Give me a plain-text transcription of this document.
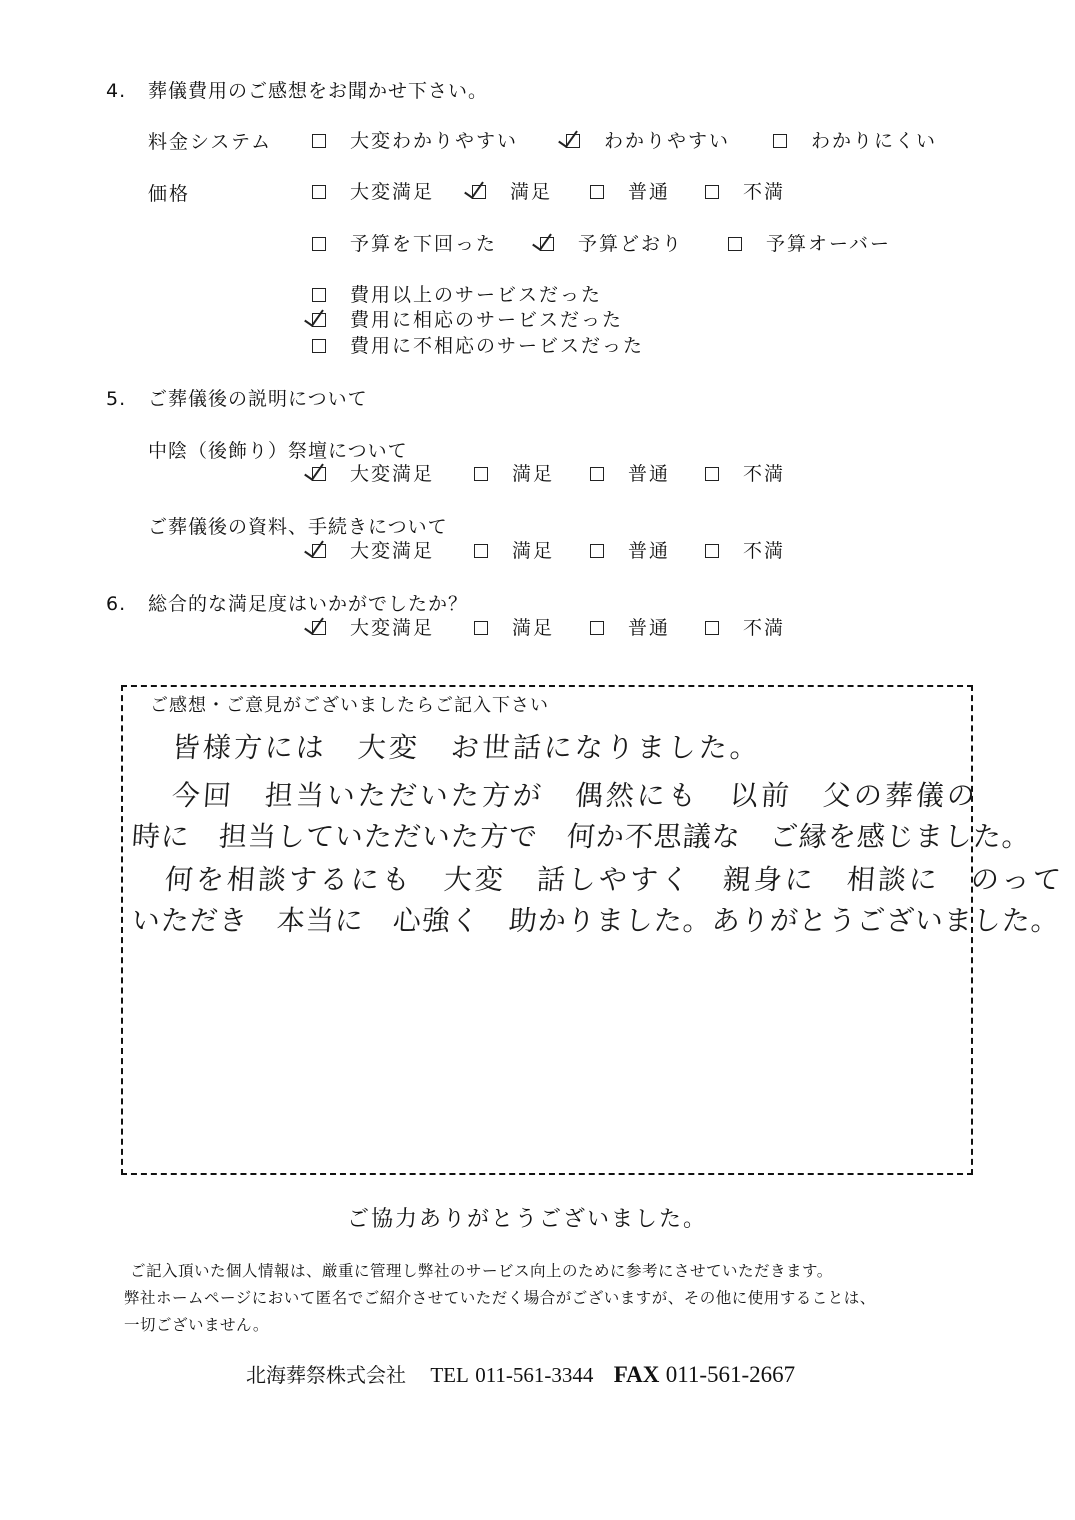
4. 葬儀費用のご感想をお聞かせ下さい。
料金システム	大変わかりやすい	わかりやすい	わかりにくい
価格	大変満足	満足	普通	不満
予算を下回った	予算どおり	予算オーバー
費用以上のサービスだった
費用に相応のサービスだった
費用に不相応のサービスだった
5. ご葬儀後の説明について
中陰（後飾り）祭壇について
大変満足	満足	普通	不満
ご葬儀後の資料、手続きについて
大変満足	満足	普通	不満
6. 総合的な満足度はいかがでしたか？
大変満足	満足	普通	不満
ご感想・ご意見がございましたらご記入下さい
皆様方には　大変　お世話になりました。
今回　担当いただいた方が　偶然にも　以前　父の葬儀の
時に　担当していただいた方で　何か不思議な　ご縁を感じました。
何を相談するにも　大変　話しやすく　親身に　相談に　のって
いただき　本当に　心強く　助かりました。ありがとうございました。
ご協力ありがとうございました。
ご記入頂いた個人情報は、厳重に管理し弊社のサービス向上のために参考にさせていただきます。
弊社ホームページにおいて匿名でご紹介させていただく場合がございますが、その他に使用することは、
一切ございません。
北海葬祭株式会社 TEL 011-561-3344 FAX 011-561-2667
